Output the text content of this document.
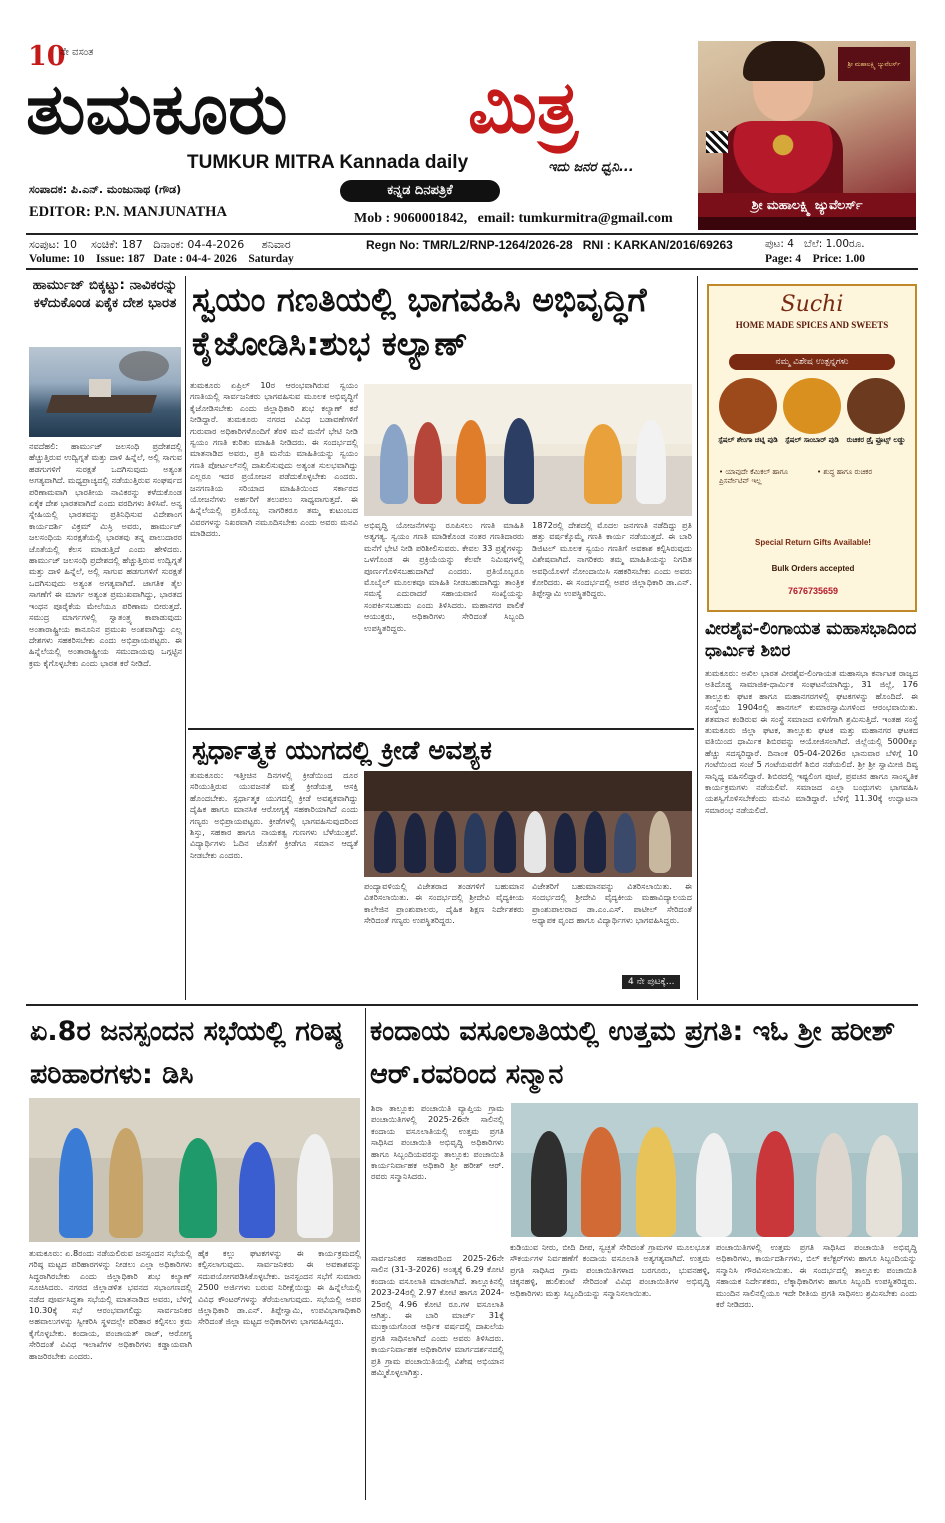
10
ನೇ ವಸಂತ
ತುಮಕೂರು	ಮಿತ್ರ
TUMKUR MITRA Kannada daily	ಇದು ಜನರ ಧ್ವನಿ...
ಸಂಪಾದಕ: ಪಿ.ಎನ್. ಮಂಜುನಾಥ (ಗೌಡ)	ಕನ್ನಡ ದಿನಪತ್ರಿಕೆ
EDITOR: P.N. MANJUNATHA	Mob : 9060001842,   email: tumkurmitra@gmail.com
ಶ್ರೀ ಮಹಾಲಕ್ಷ್ಮಿ ಜ್ಯುವೆಲರ್ಸ್
ಶ್ರೀ ಮಹಾಲಕ್ಷ್ಮಿ ಜ್ಯುವೆಲರ್ಸ್
ಸಂಪುಟ: 10    ಸಂಚಿಕೆ: 187   ದಿನಾಂಕ: 04-4-2026     ಶನಿವಾರ
Volume: 10    Issue: 187   Date : 04-4- 2026    Saturday
Regn No: TMR/L2/RNP-1264/2026-28   RNI : KARKAN/2016/69263	ಪುಟ: 4   ಬೆಲೆ: 1.00ರೂ.
Page: 4    Price: 1.00
ಹಾರ್ಮುಜ್ ಬಿಕ್ಕಟ್ಟು: ನಾವಿಕರನ್ನು ಕಳೆದುಕೊಂಡ ಏಕೈಕ ದೇಶ ಭಾರತ
ನವದೆಹಲಿ: ಹಾರ್ಮುಜ್ ಜಲಸಂಧಿ ಪ್ರದೇಶದಲ್ಲಿ ಹೆಚ್ಚುತ್ತಿರುವ ಉದ್ವಿಗ್ನತೆ ಮತ್ತು ದಾಳಿ ಹಿನ್ನೆಲೆ, ಅಲ್ಲಿ ಸಾಗುವ ಹಡಗುಗಳಿಗೆ ಸುರಕ್ಷತೆ ಒದಗಿಸುವುದು ಅತ್ಯಂತ ಅಗತ್ಯವಾಗಿದೆ. ಮಧ್ಯಪ್ರಾಚ್ಯದಲ್ಲಿ ನಡೆಯುತ್ತಿರುವ ಸಂಘರ್ಷದ ಪರಿಣಾಮವಾಗಿ ಭಾರತೀಯ ನಾವಿಕರನ್ನು ಕಳೆದುಕೊಂಡ ಏಕೈಕ ದೇಶ ಭಾರತವಾಗಿದೆ ಎಂದು ವರದಿಗಳು ತಿಳಿಸಿವೆ. ಅನ್ಯ ಸ್ನೇಹಿಯಲ್ಲಿ ಭಾರತವನ್ನು ಪ್ರತಿನಿಧಿಸುವ ವಿದೇಶಾಂಗ ಕಾರ್ಯದರ್ಶಿ ವಿಕ್ರಮ್ ಮಿಸ್ರಿ ಅವರು, ಹಾರ್ಮುಜ್ ಜಲಸಂಧಿಯ ಸುರಕ್ಷತೆಯಲ್ಲಿ ಭಾರತವು ತನ್ನ ಪಾಲುದಾರರ ಜೊತೆಯಲ್ಲಿ ಕೆಲಸ ಮಾಡುತ್ತಿದೆ ಎಂದು ಹೇಳಿದರು. ಹಾರ್ಮುಜ್ ಜಲಸಂಧಿ ಪ್ರದೇಶದಲ್ಲಿ ಹೆಚ್ಚುತ್ತಿರುವ ಉದ್ವಿಗ್ನತೆ ಮತ್ತು ದಾಳಿ ಹಿನ್ನೆಲೆ, ಅಲ್ಲಿ ಸಾಗುವ ಹಡಗುಗಳಿಗೆ ಸುರಕ್ಷತೆ ಒದಗಿಸುವುದು ಅತ್ಯಂತ ಅಗತ್ಯವಾಗಿದೆ. ಜಾಗತಿಕ ತೈಲ ಸಾಗಣೆಗೆ ಈ ಮಾರ್ಗ ಅತ್ಯಂತ ಪ್ರಮುಖವಾಗಿದ್ದು, ಭಾರತದ ಇಂಧನ ಪೂರೈಕೆಯ ಮೇಲೆಯೂ ಪರಿಣಾಮ ಬೀರುತ್ತದೆ. ಸಮುದ್ರ ಮಾರ್ಗಗಳಲ್ಲಿ ಸ್ವಾತಂತ್ರ್ಯ ಕಾಪಾಡುವುದು ಅಂತಾರಾಷ್ಟ್ರೀಯ ಕಾನೂನಿನ ಪ್ರಮುಖ ಅಂಶವಾಗಿದ್ದು ಎಲ್ಲ ದೇಶಗಳು ಸಹಕರಿಸಬೇಕು ಎಂದು ಅಭಿಪ್ರಾಯಪಟ್ಟರು. ಈ ಹಿನ್ನೆಲೆಯಲ್ಲಿ ಅಂತಾರಾಷ್ಟ್ರೀಯ ಸಮುದಾಯವು ಒಗ್ಗಟ್ಟಿನ ಕ್ರಮ ಕೈಗೊಳ್ಳಬೇಕು ಎಂದು ಭಾರತ ಕರೆ ನೀಡಿದೆ.
ಸ್ವಯಂ ಗಣತಿಯಲ್ಲಿ ಭಾಗವಹಿಸಿ ಅಭಿವೃದ್ಧಿಗೆ ಕೈಜೋಡಿಸಿ:ಶುಭ ಕಲ್ಯಾಣ್
ತುಮಕೂರು ಏಪ್ರಿಲ್ 10ರ ಆರಂಭವಾಗಿರುವ ಸ್ವಯಂ ಗಣತಿಯಲ್ಲಿ ಸಾರ್ವಜನಿಕರು ಭಾಗವಹಿಸುವ ಮೂಲಕ ಅಭಿವೃದ್ಧಿಗೆ ಕೈಜೋಡಿಸಬೇಕು ಎಂದು ಜಿಲ್ಲಾಧಿಕಾರಿ ಶುಭ ಕಲ್ಯಾಣ್ ಕರೆ ನೀಡಿದ್ದಾರೆ. ತುಮಕೂರು ನಗರದ ವಿವಿಧ ಬಡಾವಣೆಗಳಿಗೆ ಗುರುವಾರ ಅಧಿಕಾರಿಗಳೊಂದಿಗೆ ತೆರಳಿ ಮನೆ ಮನೆಗೆ ಭೇಟಿ ನೀಡಿ ಸ್ವಯಂ ಗಣತಿ ಕುರಿತು ಮಾಹಿತಿ ನೀಡಿದರು. ಈ ಸಂದರ್ಭದಲ್ಲಿ ಮಾತನಾಡಿದ ಅವರು, ಪ್ರತಿ ಮನೆಯ ಮಾಹಿತಿಯನ್ನು ಸ್ವಯಂ ಗಣತಿ ಪೋರ್ಟಲ್‌ನಲ್ಲಿ ದಾಖಲಿಸುವುದು ಅತ್ಯಂತ ಸುಲಭವಾಗಿದ್ದು ಎಲ್ಲರೂ ಇದರ ಪ್ರಯೋಜನ ಪಡೆದುಕೊಳ್ಳಬೇಕು ಎಂದರು. ಜನಗಣತಿಯ ಸರಿಯಾದ ಮಾಹಿತಿಯಿಂದ ಸರ್ಕಾರದ ಯೋಜನೆಗಳು ಅರ್ಹರಿಗೆ ತಲುಪಲು ಸಾಧ್ಯವಾಗುತ್ತದೆ. ಈ ಹಿನ್ನೆಲೆಯಲ್ಲಿ ಪ್ರತಿಯೊಬ್ಬ ನಾಗರಿಕರೂ ತಮ್ಮ ಕುಟುಂಬದ ವಿವರಗಳನ್ನು ನಿಖರವಾಗಿ ನಮೂದಿಸಬೇಕು ಎಂದು ಅವರು ಮನವಿ ಮಾಡಿದರು.
ಅಭಿವೃದ್ಧಿ ಯೋಜನೆಗಳನ್ನು ರೂಪಿಸಲು ಗಣತಿ ಮಾಹಿತಿ ಅತ್ಯಗತ್ಯ. ಸ್ವಯಂ ಗಣತಿ ಮಾಡಿಕೊಂಡ ನಂತರ ಗಣತಿದಾರರು ಮನೆಗೆ ಭೇಟಿ ನೀಡಿ ಪರಿಶೀಲಿಸುವರು. ಕೇವಲ 33 ಪ್ರಶ್ನೆಗಳನ್ನು ಒಳಗೊಂಡ ಈ ಪ್ರಕ್ರಿಯೆಯನ್ನು ಕೆಲವೇ ನಿಮಿಷಗಳಲ್ಲಿ ಪೂರ್ಣಗೊಳಿಸಬಹುದಾಗಿದೆ ಎಂದರು. ಪ್ರತಿಯೊಬ್ಬರೂ ಮೊಬೈಲ್ ಮೂಲಕವೂ ಮಾಹಿತಿ ನೀಡಬಹುದಾಗಿದ್ದು ತಾಂತ್ರಿಕ ಸಮಸ್ಯೆ ಎದುರಾದರೆ ಸಹಾಯವಾಣಿ ಸಂಖ್ಯೆಯನ್ನು ಸಂಪರ್ಕಿಸಬಹುದು ಎಂದು ತಿಳಿಸಿದರು. ಮಹಾನಗರ ಪಾಲಿಕೆ ಆಯುಕ್ತರು, ಅಧಿಕಾರಿಗಳು ಸೇರಿದಂತೆ ಸಿಬ್ಬಂದಿ ಉಪಸ್ಥಿತರಿದ್ದರು.
1872ರಲ್ಲಿ ದೇಶದಲ್ಲಿ ಮೊದಲ ಜನಗಣತಿ ನಡೆದಿದ್ದು ಪ್ರತಿ ಹತ್ತು ವರ್ಷಕ್ಕೊಮ್ಮೆ ಗಣತಿ ಕಾರ್ಯ ನಡೆಯುತ್ತದೆ. ಈ ಬಾರಿ ಡಿಜಿಟಲ್ ಮೂಲಕ ಸ್ವಯಂ ಗಣತಿಗೆ ಅವಕಾಶ ಕಲ್ಪಿಸಿರುವುದು ವಿಶೇಷವಾಗಿದೆ. ನಾಗರಿಕರು ತಮ್ಮ ಮಾಹಿತಿಯನ್ನು ನಿಗದಿತ ಅವಧಿಯೊಳಗೆ ನೋಂದಾಯಿಸಿ ಸಹಕರಿಸಬೇಕು ಎಂದು ಅವರು ಕೋರಿದರು. ಈ ಸಂದರ್ಭದಲ್ಲಿ ಅಪರ ಜಿಲ್ಲಾಧಿಕಾರಿ ಡಾ.ಎನ್. ತಿಪ್ಪೇಸ್ವಾಮಿ ಉಪಸ್ಥಿತರಿದ್ದರು.
Suchi
HOME MADE SPICES AND SWEETS
ನಮ್ಮ ವಿಶೇಷ ಉತ್ಪನ್ನಗಳು
ಸ್ಪೆಷಲ್ ಶೇಂಗಾ ಚಟ್ನಿ ಪುಡಿ	ಸ್ಪೆಷಲ್ ಸಾಂಬಾರ್ ಪುಡಿ	ರುಚಿಕರ ಡ್ರೈ ಫ್ರೂಟ್ಸ್ ಲಡ್ಡು
• ಯಾವುದೇ ಕೆಮಿಕಲ್ ಹಾಗೂ ಪ್ರಿಸರ್ವೇಟಿವ್ ಇಲ್ಲ
• ಶುದ್ಧ ಹಾಗೂ ರುಚಿಕರ
Special Return Gifts Available!
Bulk Orders accepted
7676735659
ವೀರಶೈವ-ಲಿಂಗಾಯತ ಮಹಾಸಭಾದಿಂದ ಧಾರ್ಮಿಕ ಶಿಬಿರ
ತುಮಕೂರು: ಅಖಿಲ ಭಾರತ ವೀರಶೈವ-ಲಿಂಗಾಯತ ಮಹಾಸಭಾ ಕರ್ನಾಟಕ ರಾಜ್ಯದ ಅತಿದೊಡ್ಡ ಸಾಮಾಜಿಕ-ಧಾರ್ಮಿಕ ಸಂಘಟನೆಯಾಗಿದ್ದು, 31 ಜಿಲ್ಲೆ, 176 ತಾಲ್ಲೂಕು ಘಟಕ ಹಾಗೂ ಮಹಾನಗರಗಳಲ್ಲಿ ಘಟಕಗಳನ್ನು ಹೊಂದಿದೆ. ಈ ಸಂಸ್ಥೆಯು 1904ರಲ್ಲಿ ಹಾನಗಲ್ ಕುಮಾರಸ್ವಾಮಿಗಳಿಂದ ಆರಂಭವಾಯಿತು. ಶತಮಾನ ಕಂಡಿರುವ ಈ ಸಂಸ್ಥೆ ಸಮಾಜದ ಏಳಿಗೆಗಾಗಿ ಶ್ರಮಿಸುತ್ತಿದೆ. ಇಂತಹ ಸಂಸ್ಥೆ ತುಮಕೂರು ಜಿಲ್ಲಾ ಘಟಕ, ತಾಲ್ಲೂಕು ಘಟಕ ಮತ್ತು ಮಹಾನಗರ ಘಟಕದ ವತಿಯಿಂದ ಧಾರ್ಮಿಕ ಶಿಬಿರವನ್ನು ಆಯೋಜಿಸಲಾಗಿದೆ. ಜಿಲ್ಲೆಯಲ್ಲಿ 5000ಕ್ಕೂ ಹೆಚ್ಚು ಸದಸ್ಯರಿದ್ದಾರೆ. ದಿನಾಂಕ 05-04-2026ರ ಭಾನುವಾರ ಬೆಳಿಗ್ಗೆ 10 ಗಂಟೆಯಿಂದ ಸಂಜೆ 5 ಗಂಟೆಯವರೆಗೆ ಶಿಬಿರ ನಡೆಯಲಿದೆ. ಶ್ರೀ ಶ್ರೀ ಸ್ವಾಮೀಜಿ ದಿವ್ಯ ಸಾನ್ನಿಧ್ಯ ವಹಿಸಲಿದ್ದಾರೆ. ಶಿಬಿರದಲ್ಲಿ ಇಷ್ಟಲಿಂಗ ಪೂಜೆ, ಪ್ರವಚನ ಹಾಗೂ ಸಾಂಸ್ಕೃತಿಕ ಕಾರ್ಯಕ್ರಮಗಳು ನಡೆಯಲಿವೆ. ಸಮಾಜದ ಎಲ್ಲಾ ಬಂಧುಗಳು ಭಾಗವಹಿಸಿ ಯಶಸ್ವಿಗೊಳಿಸಬೇಕೆಂದು ಮನವಿ ಮಾಡಿದ್ದಾರೆ. ಬೆಳಿಗ್ಗೆ 11.30ಕ್ಕೆ ಉದ್ಘಾಟನಾ ಸಮಾರಂಭ ನಡೆಯಲಿದೆ.
ಸ್ಪರ್ಧಾತ್ಮಕ ಯುಗದಲ್ಲಿ ಕ್ರೀಡೆ ಅವಶ್ಯಕ
ತುಮಕೂರು: ಇತ್ತೀಚಿನ ದಿನಗಳಲ್ಲಿ ಕ್ರೀಡೆಯಿಂದ ದೂರ ಸರಿಯುತ್ತಿರುವ ಯುವಜನತೆ ಮತ್ತೆ ಕ್ರೀಡೆಯತ್ತ ಆಸಕ್ತಿ ಹೊಂದಬೇಕು. ಸ್ಪರ್ಧಾತ್ಮಕ ಯುಗದಲ್ಲಿ ಕ್ರೀಡೆ ಅವಶ್ಯಕವಾಗಿದ್ದು ದೈಹಿಕ ಹಾಗೂ ಮಾನಸಿಕ ಆರೋಗ್ಯಕ್ಕೆ ಸಹಕಾರಿಯಾಗಿದೆ ಎಂದು ಗಣ್ಯರು ಅಭಿಪ್ರಾಯಪಟ್ಟರು. ಕ್ರೀಡೆಗಳಲ್ಲಿ ಭಾಗವಹಿಸುವುದರಿಂದ ಶಿಸ್ತು, ಸಹಕಾರ ಹಾಗೂ ನಾಯಕತ್ವ ಗುಣಗಳು ಬೆಳೆಯುತ್ತವೆ. ವಿದ್ಯಾರ್ಥಿಗಳು ಓದಿನ ಜೊತೆಗೆ ಕ್ರೀಡೆಗೂ ಸಮಾನ ಆದ್ಯತೆ ನೀಡಬೇಕು ಎಂದರು.
ಪಂದ್ಯಾವಳಿಯಲ್ಲಿ ವಿಜೇತರಾದ ತಂಡಗಳಿಗೆ ಬಹುಮಾನ ವಿತರಿಸಲಾಯಿತು. ಈ ಸಂದರ್ಭದಲ್ಲಿ ಶ್ರೀದೇವಿ ವೈದ್ಯಕೀಯ ಕಾಲೇಜಿನ ಪ್ರಾಂಶುಪಾಲರು, ದೈಹಿಕ ಶಿಕ್ಷಣ ನಿರ್ದೇಶಕರು ಸೇರಿದಂತೆ ಗಣ್ಯರು ಉಪಸ್ಥಿತರಿದ್ದರು.
ವಿಜೇತರಿಗೆ ಬಹುಮಾನವನ್ನು ವಿತರಿಸಲಾಯಿತು. ಈ ಸಂದರ್ಭದಲ್ಲಿ ಶ್ರೀದೇವಿ ವೈದ್ಯಕೀಯ ಮಹಾವಿದ್ಯಾಲಯದ ಪ್ರಾಂಶುಪಾಲರಾದ ಡಾ.ಎಂ.ಎಸ್. ಪಾಟೀಲ್ ಸೇರಿದಂತೆ ಅಧ್ಯಾಪಕ ವೃಂದ ಹಾಗೂ ವಿದ್ಯಾರ್ಥಿಗಳು ಭಾಗವಹಿಸಿದ್ದರು.
4 ನೇ ಪುಟಕ್ಕೆ...
ಏ.8ರ ಜನಸ್ಪಂದನ ಸಭೆಯಲ್ಲಿ ಗರಿಷ್ಠ ಪರಿಹಾರಗಳು: ಡಿಸಿ
ತುಮಕೂರು: ಏ.8ರಂದು ನಡೆಯಲಿರುವ ಜನಸ್ಪಂದನ ಸಭೆಯಲ್ಲಿ ಗರಿಷ್ಠ ಮಟ್ಟದ ಪರಿಹಾರಗಳನ್ನು ನೀಡಲು ಎಲ್ಲಾ ಅಧಿಕಾರಿಗಳು ಸಿದ್ಧರಾಗಿರಬೇಕು ಎಂದು ಜಿಲ್ಲಾಧಿಕಾರಿ ಶುಭ ಕಲ್ಯಾಣ್ ಸೂಚಿಸಿದರು. ನಗರದ ಜಿಲ್ಲಾಡಳಿತ ಭವನದ ಸಭಾಂಗಣದಲ್ಲಿ ನಡೆದ ಪೂರ್ವಸಿದ್ಧತಾ ಸಭೆಯಲ್ಲಿ ಮಾತನಾಡಿದ ಅವರು, ಬೆಳಿಗ್ಗೆ 10.30ಕ್ಕೆ ಸಭೆ ಆರಂಭವಾಗಲಿದ್ದು ಸಾರ್ವಜನಿಕರ ಅಹವಾಲುಗಳನ್ನು ಸ್ವೀಕರಿಸಿ ಸ್ಥಳದಲ್ಲೇ ಪರಿಹಾರ ಕಲ್ಪಿಸಲು ಕ್ರಮ ಕೈಗೊಳ್ಳಬೇಕು. ಕಂದಾಯ, ಪಂಚಾಯತ್ ರಾಜ್, ಆರೋಗ್ಯ ಸೇರಿದಂತೆ ವಿವಿಧ ಇಲಾಖೆಗಳ ಅಧಿಕಾರಿಗಳು ಕಡ್ಡಾಯವಾಗಿ ಹಾಜರಿರಬೇಕು ಎಂದರು.
ಹೈಕ ಕಲ್ಲು ಘಟಕಗಳನ್ನು ಈ ಕಾರ್ಯಕ್ರಮದಲ್ಲಿ ಕಲ್ಪಿಸಲಾಗುವುದು. ಸಾರ್ವಜನಿಕರು ಈ ಅವಕಾಶವನ್ನು ಸದುಪಯೋಗಪಡಿಸಿಕೊಳ್ಳಬೇಕು. ಜನಸ್ಪಂದನ ಸಭೆಗೆ ಸುಮಾರು 2500 ಅರ್ಜಿಗಳು ಬರುವ ನಿರೀಕ್ಷೆಯಿದ್ದು ಈ ಹಿನ್ನೆಲೆಯಲ್ಲಿ ವಿವಿಧ ಕೌಂಟರ್‌ಗಳನ್ನು ತೆರೆಯಲಾಗುವುದು. ಸಭೆಯಲ್ಲಿ ಅಪರ ಜಿಲ್ಲಾಧಿಕಾರಿ ಡಾ.ಎನ್. ತಿಪ್ಪೇಸ್ವಾಮಿ, ಉಪವಿಭಾಗಾಧಿಕಾರಿ ಸೇರಿದಂತೆ ಜಿಲ್ಲಾ ಮಟ್ಟದ ಅಧಿಕಾರಿಗಳು ಭಾಗವಹಿಸಿದ್ದರು.
ಕಂದಾಯ ವಸೂಲಾತಿಯಲ್ಲಿ ಉತ್ತಮ ಪ್ರಗತಿ: ಇಓ ಶ್ರೀ ಹರೀಶ್ ಆರ್.ರವರಿಂದ ಸನ್ಮಾನ
ಶಿರಾ ತಾಲ್ಲೂಕು ಪಂಚಾಯಿತಿ ವ್ಯಾಪ್ತಿಯ ಗ್ರಾಮ ಪಂಚಾಯಿತಿಗಳಲ್ಲಿ 2025-26ನೇ ಸಾಲಿನಲ್ಲಿ ಕಂದಾಯ ವಸೂಲಾತಿಯಲ್ಲಿ ಉತ್ತಮ ಪ್ರಗತಿ ಸಾಧಿಸಿದ ಪಂಚಾಯಿತಿ ಅಭಿವೃದ್ಧಿ ಅಧಿಕಾರಿಗಳು ಹಾಗೂ ಸಿಬ್ಬಂದಿಯವರನ್ನು ತಾಲ್ಲೂಕು ಪಂಚಾಯಿತಿ ಕಾರ್ಯನಿರ್ವಾಹಕ ಅಧಿಕಾರಿ ಶ್ರೀ ಹರೀಶ್ ಆರ್. ರವರು ಸನ್ಮಾನಿಸಿದರು.
ಸಾರ್ವಜನಿಕರ ಸಹಕಾರದಿಂದ 2025-26ನೇ ಸಾಲಿನ (31-3-2026) ಅಂತ್ಯಕ್ಕೆ 6.29 ಕೋಟಿ ಕಂದಾಯ ವಸೂಲಾತಿ ಮಾಡಲಾಗಿದೆ. ತಾಲ್ಲೂಕಿನಲ್ಲಿ 2023-24ರಲ್ಲಿ 2.97 ಕೋಟಿ ಹಾಗೂ 2024-25ರಲ್ಲಿ 4.96 ಕೋಟಿ ರೂ.ಗಳ ವಸೂಲಾತಿ ಆಗಿತ್ತು. ಈ ಬಾರಿ ಮಾರ್ಚ್ 31ಕ್ಕೆ ಮುಕ್ತಾಯಗೊಂಡ ಆರ್ಥಿಕ ವರ್ಷದಲ್ಲಿ ದಾಖಲೆಯ ಪ್ರಗತಿ ಸಾಧಿಸಲಾಗಿದೆ ಎಂದು ಅವರು ತಿಳಿಸಿದರು. ಕಾರ್ಯನಿರ್ವಾಹಕ ಅಧಿಕಾರಿಗಳ ಮಾರ್ಗದರ್ಶನದಲ್ಲಿ ಪ್ರತಿ ಗ್ರಾಮ ಪಂಚಾಯಿತಿಯಲ್ಲಿ ವಿಶೇಷ ಅಭಿಯಾನ ಹಮ್ಮಿಕೊಳ್ಳಲಾಗಿತ್ತು.
ಕುಡಿಯುವ ನೀರು, ಬೀದಿ ದೀಪ, ಸ್ವಚ್ಛತೆ ಸೇರಿದಂತೆ ಗ್ರಾಮಗಳ ಮೂಲಭೂತ ಸೌಕರ್ಯಗಳ ನಿರ್ವಹಣೆಗೆ ಕಂದಾಯ ವಸೂಲಾತಿ ಅತ್ಯಗತ್ಯವಾಗಿದೆ. ಉತ್ತಮ ಪ್ರಗತಿ ಸಾಧಿಸಿದ ಗ್ರಾಮ ಪಂಚಾಯಿತಿಗಳಾದ ಬರಗೂರು, ಭುವನಹಳ್ಳಿ, ಚಿಕ್ಕನಹಳ್ಳಿ, ಹುಲಿಕುಂಟೆ ಸೇರಿದಂತೆ ವಿವಿಧ ಪಂಚಾಯಿತಿಗಳ ಅಭಿವೃದ್ಧಿ ಅಧಿಕಾರಿಗಳು ಮತ್ತು ಸಿಬ್ಬಂದಿಯನ್ನು ಸನ್ಮಾನಿಸಲಾಯಿತು.
ಪಂಚಾಯಿತಿಗಳಲ್ಲಿ ಉತ್ತಮ ಪ್ರಗತಿ ಸಾಧಿಸಿದ ಪಂಚಾಯಿತಿ ಅಭಿವೃದ್ಧಿ ಅಧಿಕಾರಿಗಳು, ಕಾರ್ಯದರ್ಶಿಗಳು, ಬಿಲ್ ಕಲೆಕ್ಟರ್‌ಗಳು ಹಾಗೂ ಸಿಬ್ಬಂದಿಯನ್ನು ಸನ್ಮಾನಿಸಿ ಗೌರವಿಸಲಾಯಿತು. ಈ ಸಂದರ್ಭದಲ್ಲಿ ತಾಲ್ಲೂಕು ಪಂಚಾಯಿತಿ ಸಹಾಯಕ ನಿರ್ದೇಶಕರು, ಲೆಕ್ಕಾಧಿಕಾರಿಗಳು ಹಾಗೂ ಸಿಬ್ಬಂದಿ ಉಪಸ್ಥಿತರಿದ್ದರು. ಮುಂದಿನ ಸಾಲಿನಲ್ಲಿಯೂ ಇದೇ ರೀತಿಯ ಪ್ರಗತಿ ಸಾಧಿಸಲು ಶ್ರಮಿಸಬೇಕು ಎಂದು ಕರೆ ನೀಡಿದರು.
